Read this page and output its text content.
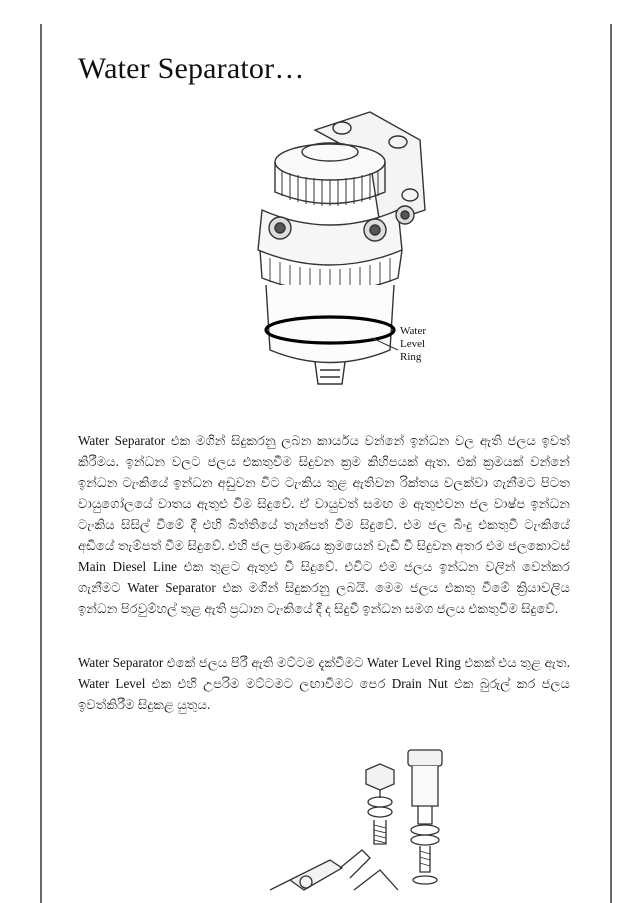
Water Separator…
Water
Level
Ring

Water Separator එක මගින් සිදුකරනු ලබන කාර්යය වන්නේ ඉන්ධන වල ඇති ජලය ඉවත් කිරීමය. ඉන්ධන වලට ජලය එකතුවීම සිදුවන ක්‍රම කිහිපයක් ඇත. එක් ක්‍රමයක් වන්නේ ඉන්ධන ටැංකියේ ඉන්ධන අඩුවන විට ටැංකිය තුළ ඇතිවන රික්තය වලක්වා ගැනීමට පිටත වායුගෝලයේ වාතය ඇතුළු වීම සිදුවේ. ඒ වායුවත් සමඟ ම ඇතුළුවන ජල වාෂ්ප ඉන්ධන ටැංකිය සිසිල් වීමේ දී එහි බිත්තියේ තැන්පත් වීම සිදුවේ. එම ජල බිංදු එකතුවී ටැංකියේ අඩියේ තැම්පත් වීම සිදුවේ. එහි ජල ප්‍රමාණය ක්‍රමයෙන් වැඩි වී සිදුවන අතර එම ජලකොටස් Main Diesel Line එක තුළට ඇතුළු වී සිදුවේ. එවිට එම ජලය ඉන්ධන වලින් වෙන්කර ගැනීමට Water Separator එක මගින් සිදුකරනු ලබයි. මෙම ජලය එකතු වීමේ ක්‍රියාවලිය ඉන්ධන පිරවුම්හල් තුළ ඇති ප්‍රධාන ටැංකියේ දී ද සිදුවී ඉන්ධන සමග ජලය එකතුවීම සිදුවේ.

Water Separator එකේ ජලය පිරී ඇති මට්ටම දැක්වීමට Water Level Ring එකක් එය තුළ ඇත. Water Level එක එහි උපරිම මට්ටමට ලඟාවීමට පෙර Drain Nut එක බුරුල් කර ජලය ඉවත්කිරීම සිදුකළ යුතුය.
